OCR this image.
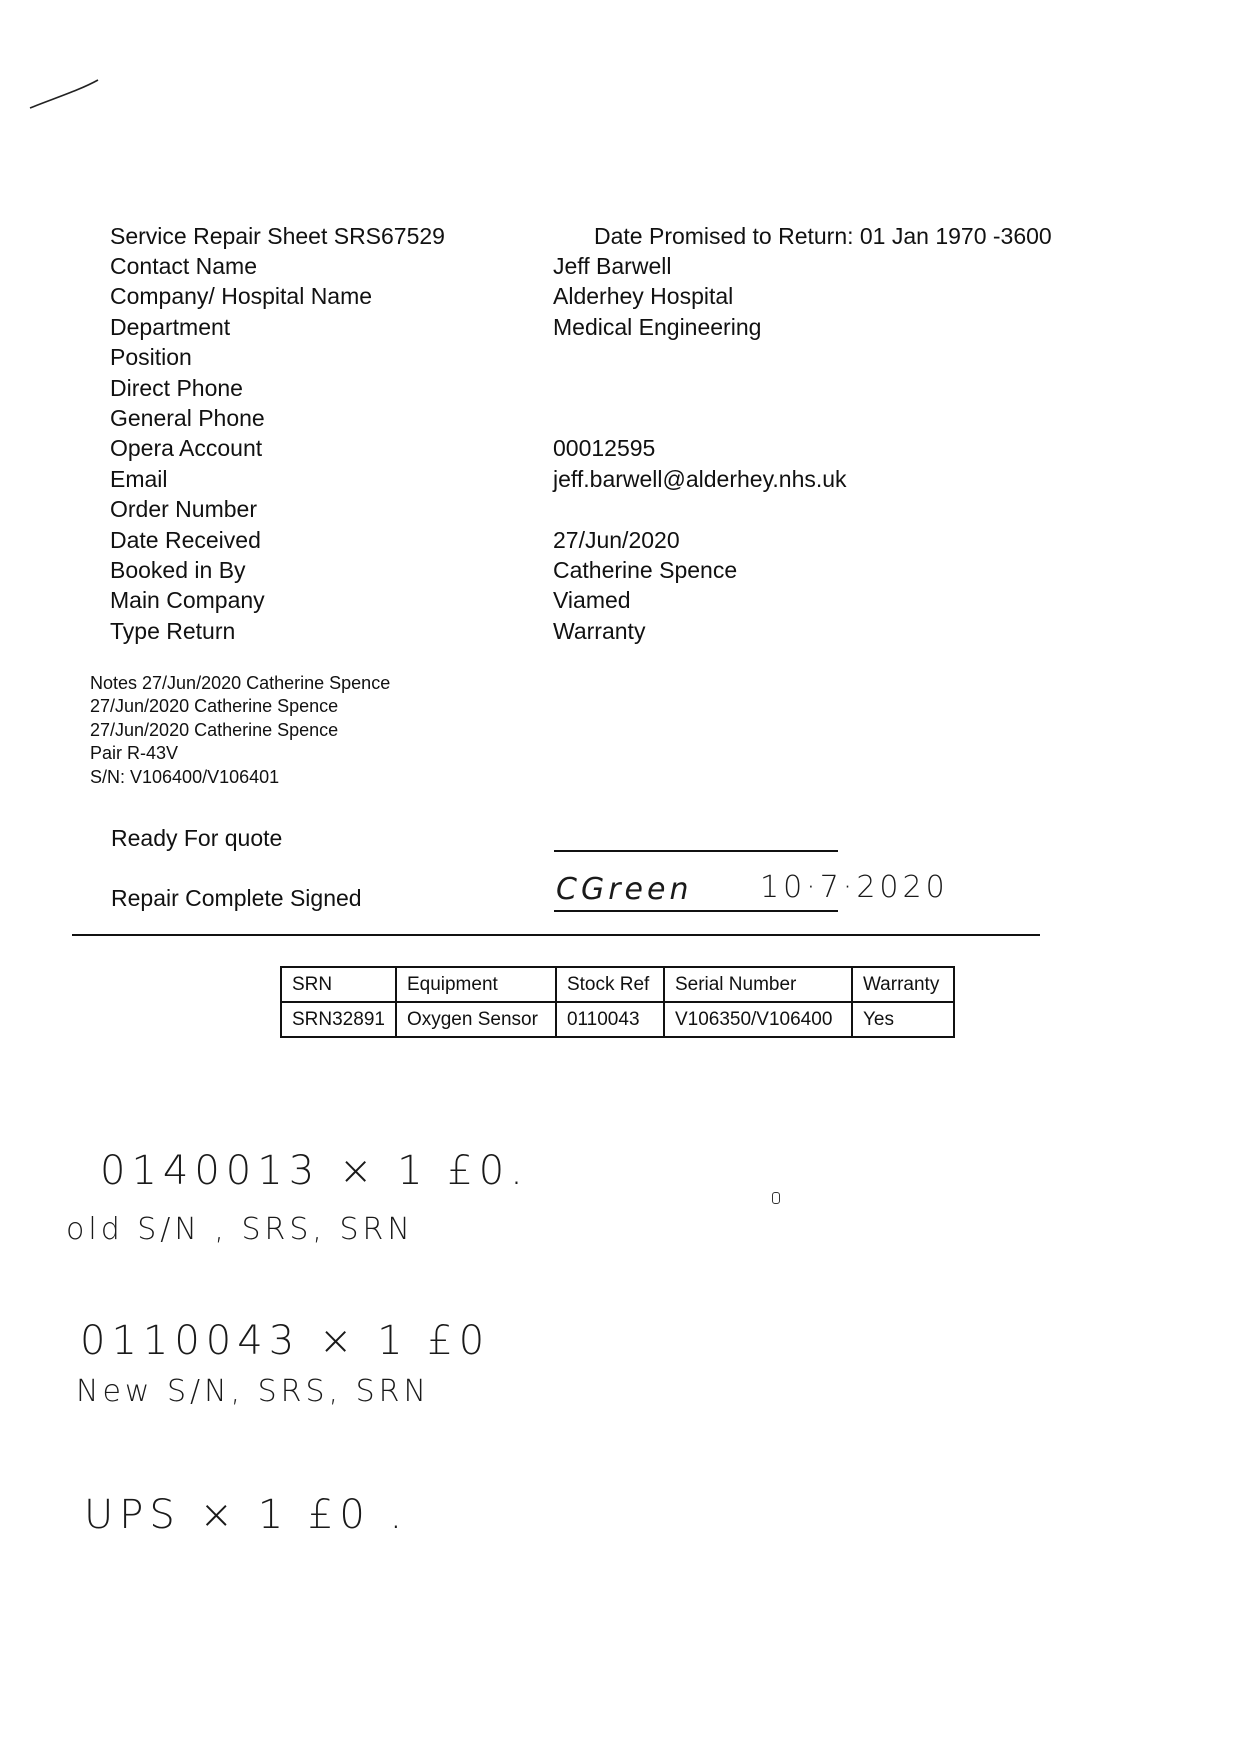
Service Repair Sheet SRS67529	Date Promised to Return: 01 Jan 1970 -3600
Contact Name	Jeff Barwell
Company/ Hospital Name	Alderhey Hospital
Department	Medical Engineering
Position
Direct Phone
General Phone
Opera Account	00012595
Email	jeff.barwell@alderhey.nhs.uk
Order Number
Date Received	27/Jun/2020
Booked in By	Catherine Spence
Main Company	Viamed
Type Return	Warranty
Notes 27/Jun/2020 Catherine Spence
27/Jun/2020 Catherine Spence
27/Jun/2020 Catherine Spence
Pair R-43V
S/N: V106400/V106401
Ready For quote
Repair Complete Signed	CGreen 10·7·2020
SRN	Equipment	Stock Ref	Serial Number	Warranty
SRN32891	Oxygen Sensor	0110043	V106350/V106400	Yes
0140013 × 1 £0.
old S/N , SRS, SRN
0110043 × 1 £0
New S/N, SRS, SRN
UPS × 1 £0 .
